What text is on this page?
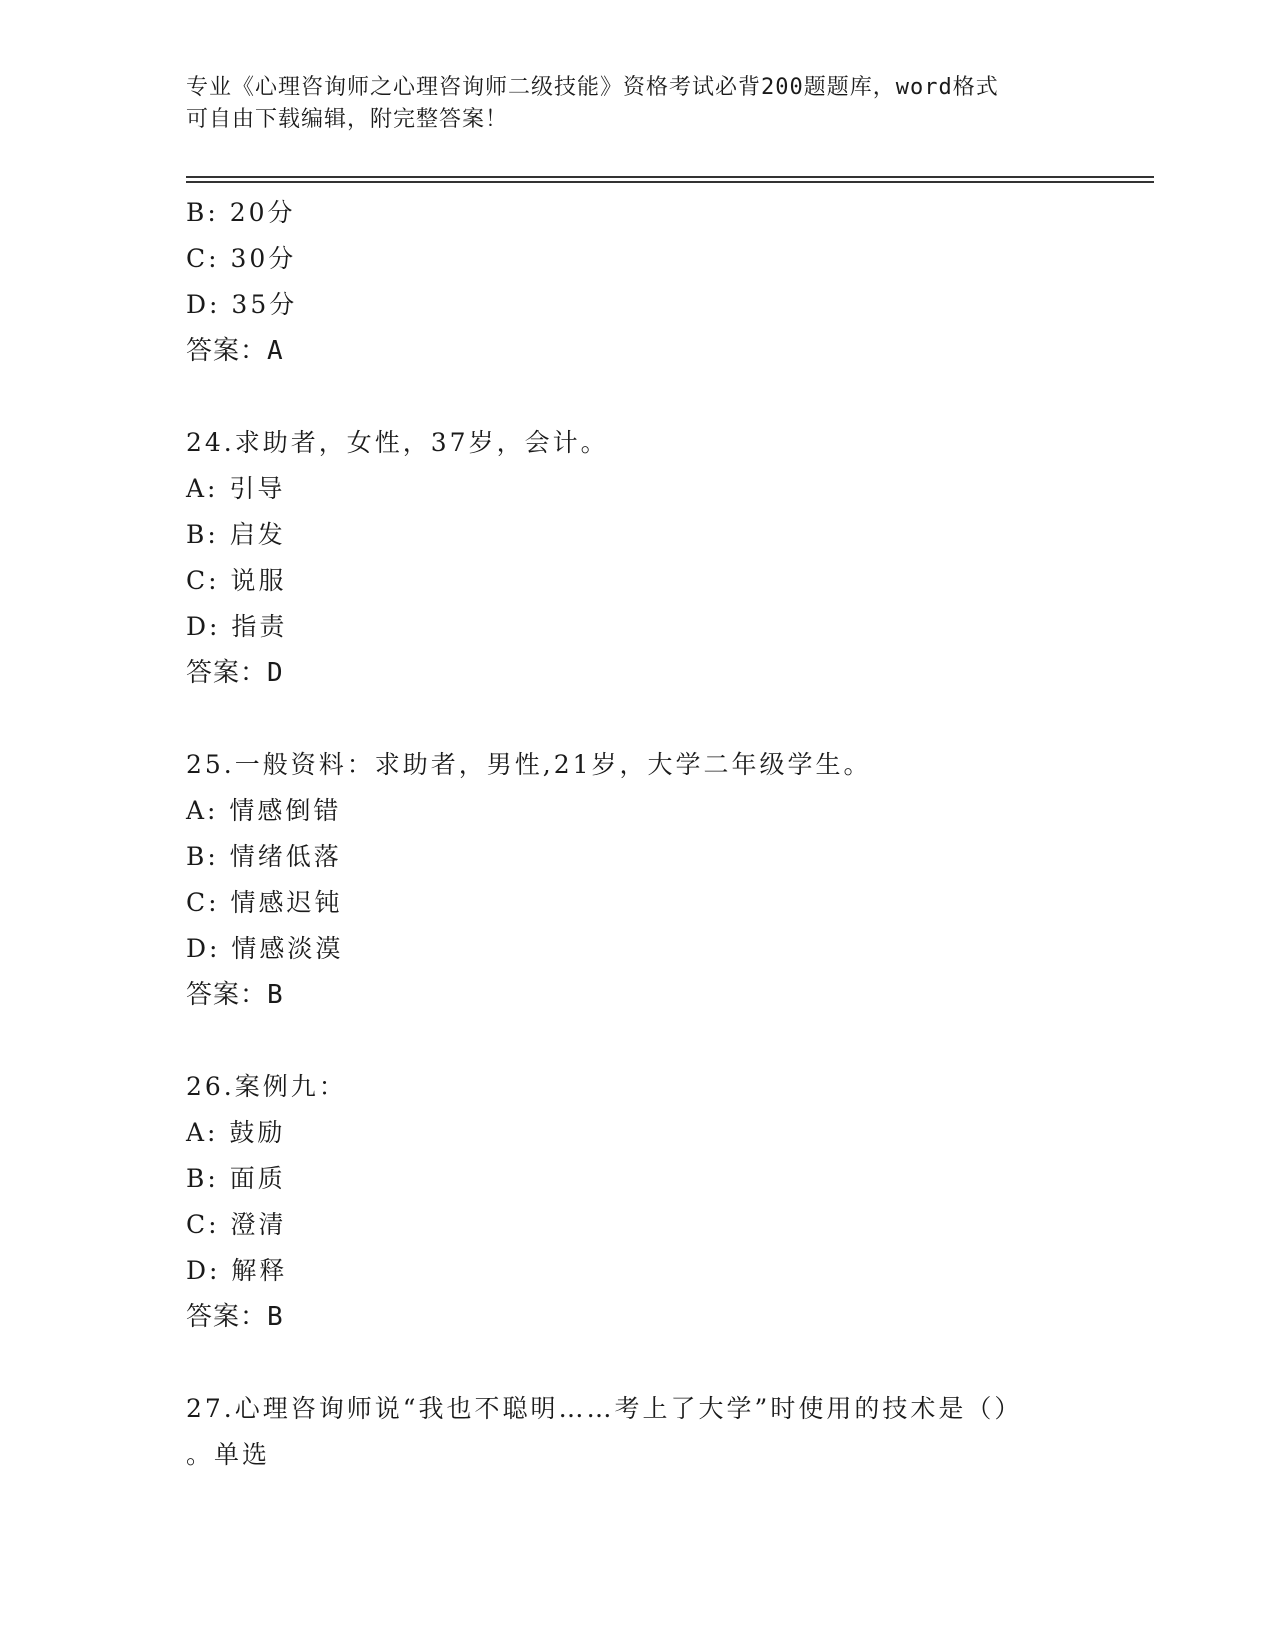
专业《心理咨询师之心理咨询师二级技能》资格考试必背200题题库，word格式
可自由下载编辑，附完整答案！
B: 20分
C: 30分
D: 35分
答案：A
24.求助者，女性，37岁，会计。
A: 引导
B: 启发
C: 说服
D: 指责
答案：D
25.一般资料：求助者，男性,21岁，大学二年级学生。
A: 情感倒错
B: 情绪低落
C: 情感迟钝
D: 情感淡漠
答案：B
26.案例九：
A: 鼓励
B: 面质
C: 澄清
D: 解释
答案：B
27.心理咨询师说“我也不聪明……考上了大学”时使用的技术是（）
。单选
